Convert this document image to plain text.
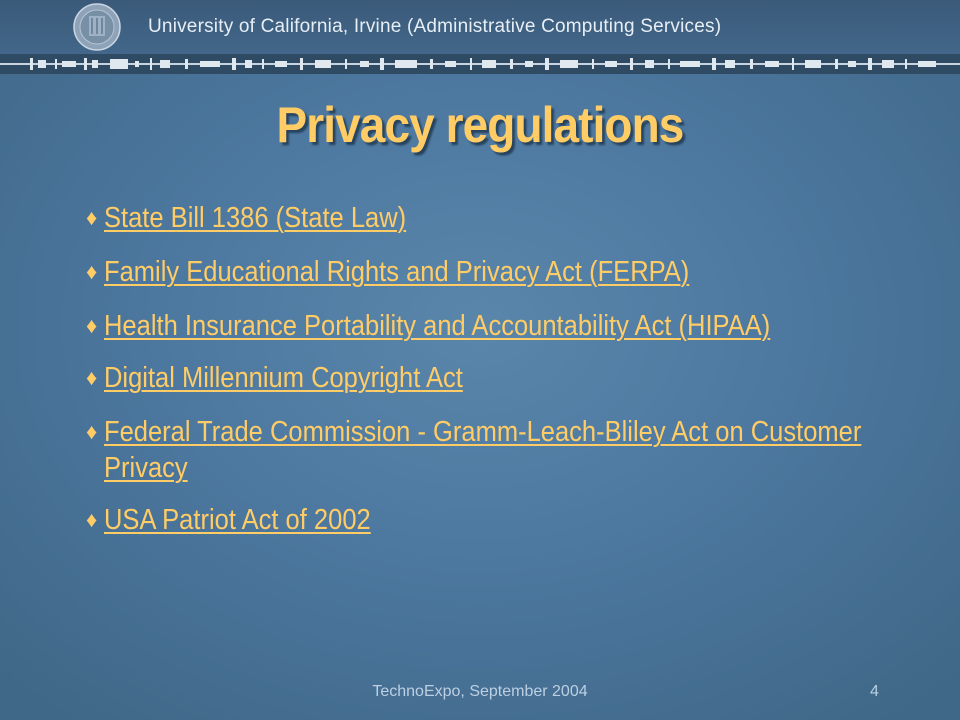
University of California, Irvine (Administrative Computing Services)
Privacy regulations
♦ State Bill 1386 (State Law)
♦ Family Educational Rights and Privacy Act (FERPA)
♦ Health Insurance Portability and Accountability Act (HIPAA)
♦ Digital Millennium Copyright Act
♦ Federal Trade Commission - Gramm-Leach-Bliley Act on Customer Privacy
♦ USA Patriot Act of 2002
TechnoExpo, September 2004	4
